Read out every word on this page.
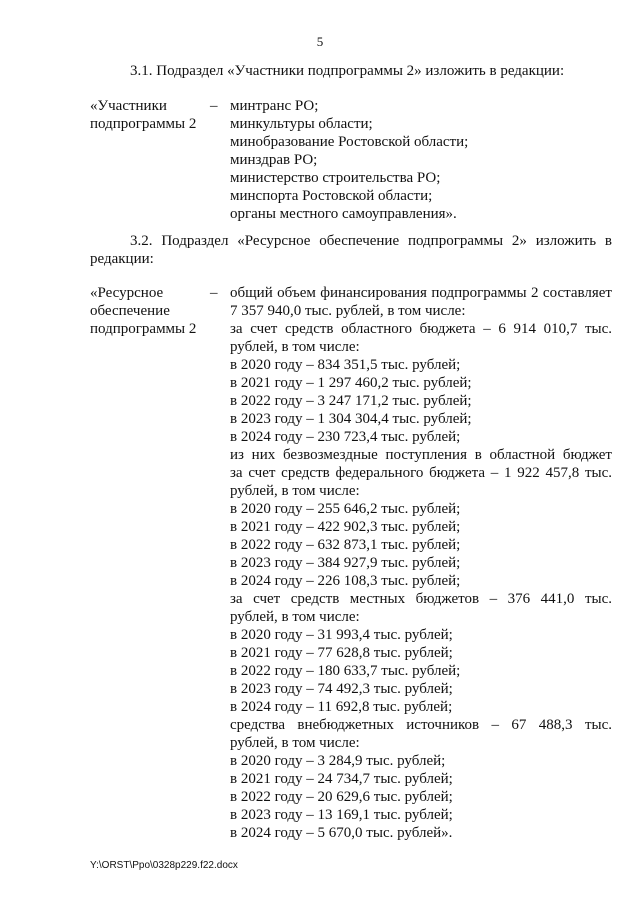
5
3.1. Подраздел «Участники подпрограммы 2» изложить в редакции:
«Участники
подпрограммы 2
– минтранс РО;
минкультуры области;
минобразование Ростовской области;
минздрав РО;
министерство строительства РО;
минспорта Ростовской области;
органы местного самоуправления».
3.2. Подраздел «Ресурсное обеспечение подпрограммы 2» изложить в редакции:
«Ресурсное
обеспечение
подпрограммы 2
– общий объем финансирования подпрограммы 2 составляет
7 357 940,0 тыс. рублей, в том числе:
за счет средств областного бюджета – 6 914 010,7 тыс.
рублей, в том числе:
в 2020 году – 834 351,5 тыс. рублей;
в 2021 году – 1 297 460,2 тыс. рублей;
в 2022 году – 3 247 171,2 тыс. рублей;
в 2023 году – 1 304 304,4 тыс. рублей;
в 2024 году – 230 723,4 тыс. рублей;
из них безвозмездные поступления в областной бюджет
за счет средств федерального бюджета – 1 922 457,8 тыс.
рублей, в том числе:
в 2020 году – 255 646,2 тыс. рублей;
в 2021 году – 422 902,3 тыс. рублей;
в 2022 году – 632 873,1 тыс. рублей;
в 2023 году – 384 927,9 тыс. рублей;
в 2024 году – 226 108,3 тыс. рублей;
за счет средств местных бюджетов – 376 441,0 тыс.
рублей, в том числе:
в 2020 году – 31 993,4 тыс. рублей;
в 2021 году – 77 628,8 тыс. рублей;
в 2022 году – 180 633,7 тыс. рублей;
в 2023 году – 74 492,3 тыс. рублей;
в 2024 году – 11 692,8 тыс. рублей;
средства внебюджетных источников – 67 488,3 тыс.
рублей, в том числе:
в 2020 году – 3 284,9 тыс. рублей;
в 2021 году – 24 734,7 тыс. рублей;
в 2022 году – 20 629,6 тыс. рублей;
в 2023 году – 13 169,1 тыс. рублей;
в 2024 году – 5 670,0 тыс. рублей».
Y:\ORST\Ppo\0328p229.f22.docx
